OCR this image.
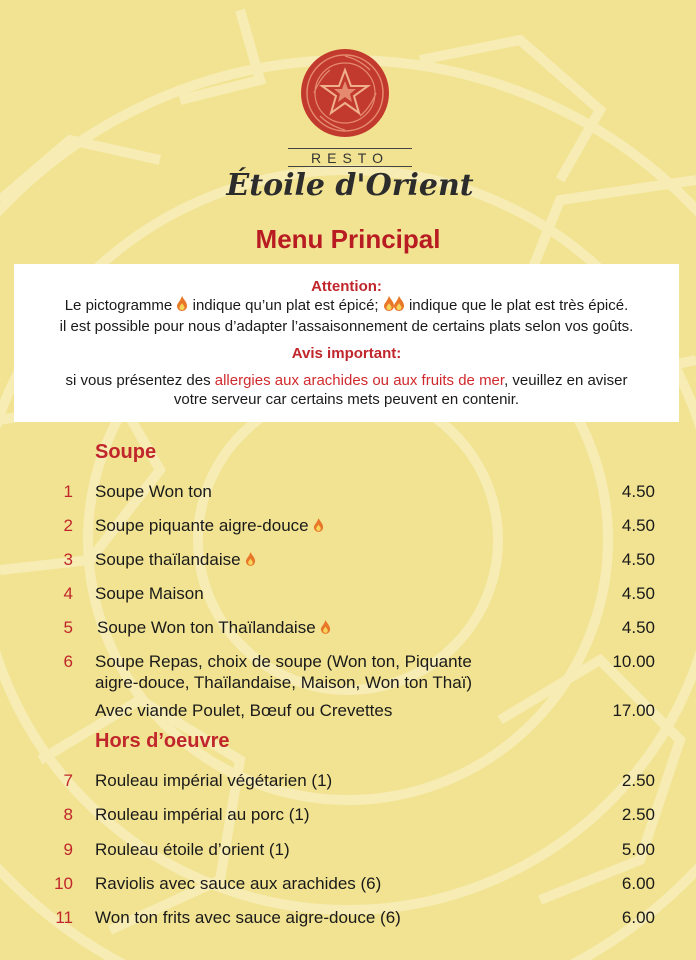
RESTO
Étoile d'Orient
Menu Principal
Attention:
Le pictogramme indique qu’un plat est épicé; indique que le plat est très épicé.
il est possible pour nous d’adapter l’assaisonnement de certains plats selon vos goûts.
Avis important:
si vous présentez des allergies aux arachides ou aux fruits de mer, veuillez en aviser
votre serveur car certains mets peuvent en contenir.
Soupe
1 Soupe Won ton	4.50
2 Soupe piquante aigre-douce	4.50
3 Soupe thaïlandaise	4.50
4 Soupe Maison	4.50
5 Soupe Won ton Thaïlandaise	4.50
6 Soupe Repas, choix de soupe (Won ton, Piquante
aigre-douce, Thaïlandaise, Maison, Won ton Thaï)
10.00
Avec viande Poulet, Bœuf ou Crevettes	17.00
Hors d’oeuvre
7 Rouleau impérial végétarien (1)	2.50
8 Rouleau impérial au porc (1)	2.50
9 Rouleau étoile d’orient (1)	5.00
10 Raviolis avec sauce aux arachides (6)	6.00
11 Won ton frits avec sauce aigre-douce (6)	6.00
